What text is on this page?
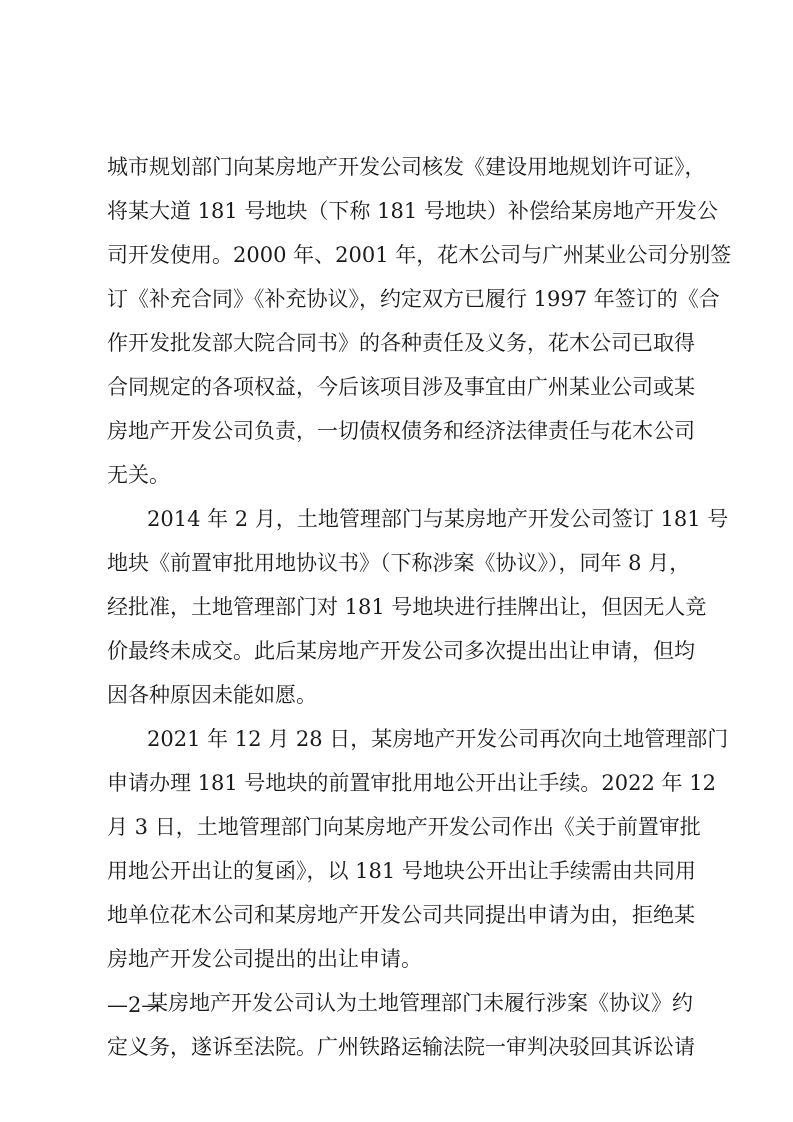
城市规划部门向某房地产开发公司核发《建设用地规划许可证》，
将某大道 181 号地块（下称 181 号地块）补偿给某房地产开发公
司开发使用。2000 年、2001 年，花木公司与广州某业公司分别签
订《补充合同》《补充协议》，约定双方已履行 1997 年签订的《合
作开发批发部大院合同书》的各种责任及义务，花木公司已取得
合同规定的各项权益，今后该项目涉及事宜由广州某业公司或某
房地产开发公司负责，一切债权债务和经济法律责任与花木公司
无关。
2014 年 2 月，土地管理部门与某房地产开发公司签订 181 号
地块《前置审批用地协议书》（下称涉案《协议》），同年 8 月，
经批准，土地管理部门对 181 号地块进行挂牌出让，但因无人竞
价最终未成交。此后某房地产开发公司多次提出出让申请，但均
因各种原因未能如愿。
2021 年 12 月 28 日，某房地产开发公司再次向土地管理部门
申请办理 181 号地块的前置审批用地公开出让手续。2022 年 12
月 3 日，土地管理部门向某房地产开发公司作出《关于前置审批
用地公开出让的复函》，以 181 号地块公开出让手续需由共同用
地单位花木公司和某房地产开发公司共同提出申请为由，拒绝某
房地产开发公司提出的出让申请。
某房地产开发公司认为土地管理部门未履行涉案《协议》约
定义务，遂诉至法院。广州铁路运输法院一审判决驳回其诉讼请
—2—
